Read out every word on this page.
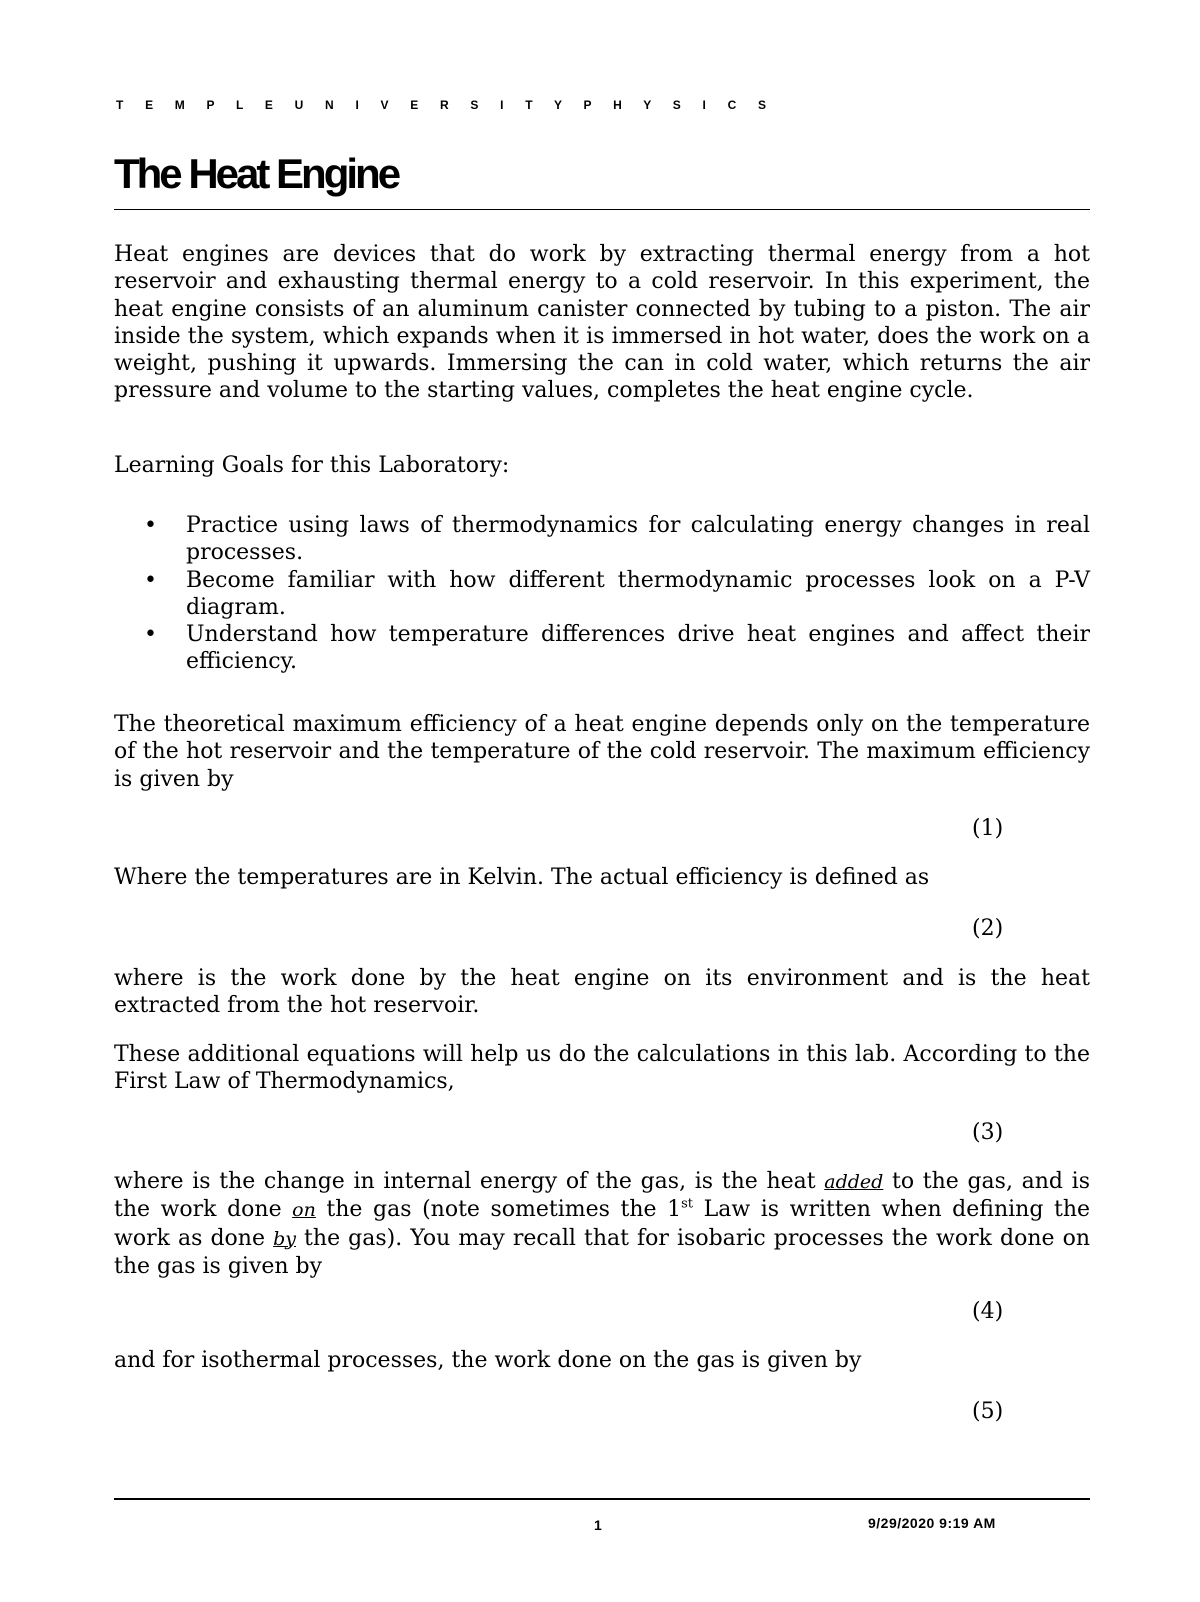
T E M P L E U N I V E R S I T Y P H Y S I C S
The Heat Engine

Heat engines are devices that do work by extracting thermal energy from a hot reservoir and exhausting thermal energy to a cold reservoir. In this experiment, the heat engine consists of an aluminum canister connected by tubing to a piston. The air inside the system, which expands when it is immersed in hot water, does the work on a weight, pushing it upwards. Immersing the can in cold water, which returns the air pressure and volume to the starting values, completes the heat engine cycle.

Learning Goals for this Laboratory:

• Practice using laws of thermodynamics for calculating energy changes in real processes.
• Become familiar with how different thermodynamic processes look on a P-V diagram.
• Understand how temperature differences drive heat engines and affect their efficiency.

The theoretical maximum efficiency of a heat engine depends only on the temperature of the hot reservoir and the temperature of the cold reservoir. The maximum efficiency is given by

(1)

Where the temperatures are in Kelvin. The actual efficiency is defined as

(2)

where is the work done by the heat engine on its environment and is the heat extracted from the hot reservoir.

These additional equations will help us do the calculations in this lab. According to the First Law of Thermodynamics,

(3)

where is the change in internal energy of the gas, is the heat added to the gas, and is the work done on the gas (note sometimes the 1st Law is written when defining the work as done by the gas). You may recall that for isobaric processes the work done on the gas is given by

(4)

and for isothermal processes, the work done on the gas is given by

(5)
1	9/29/2020 9:19 AM
